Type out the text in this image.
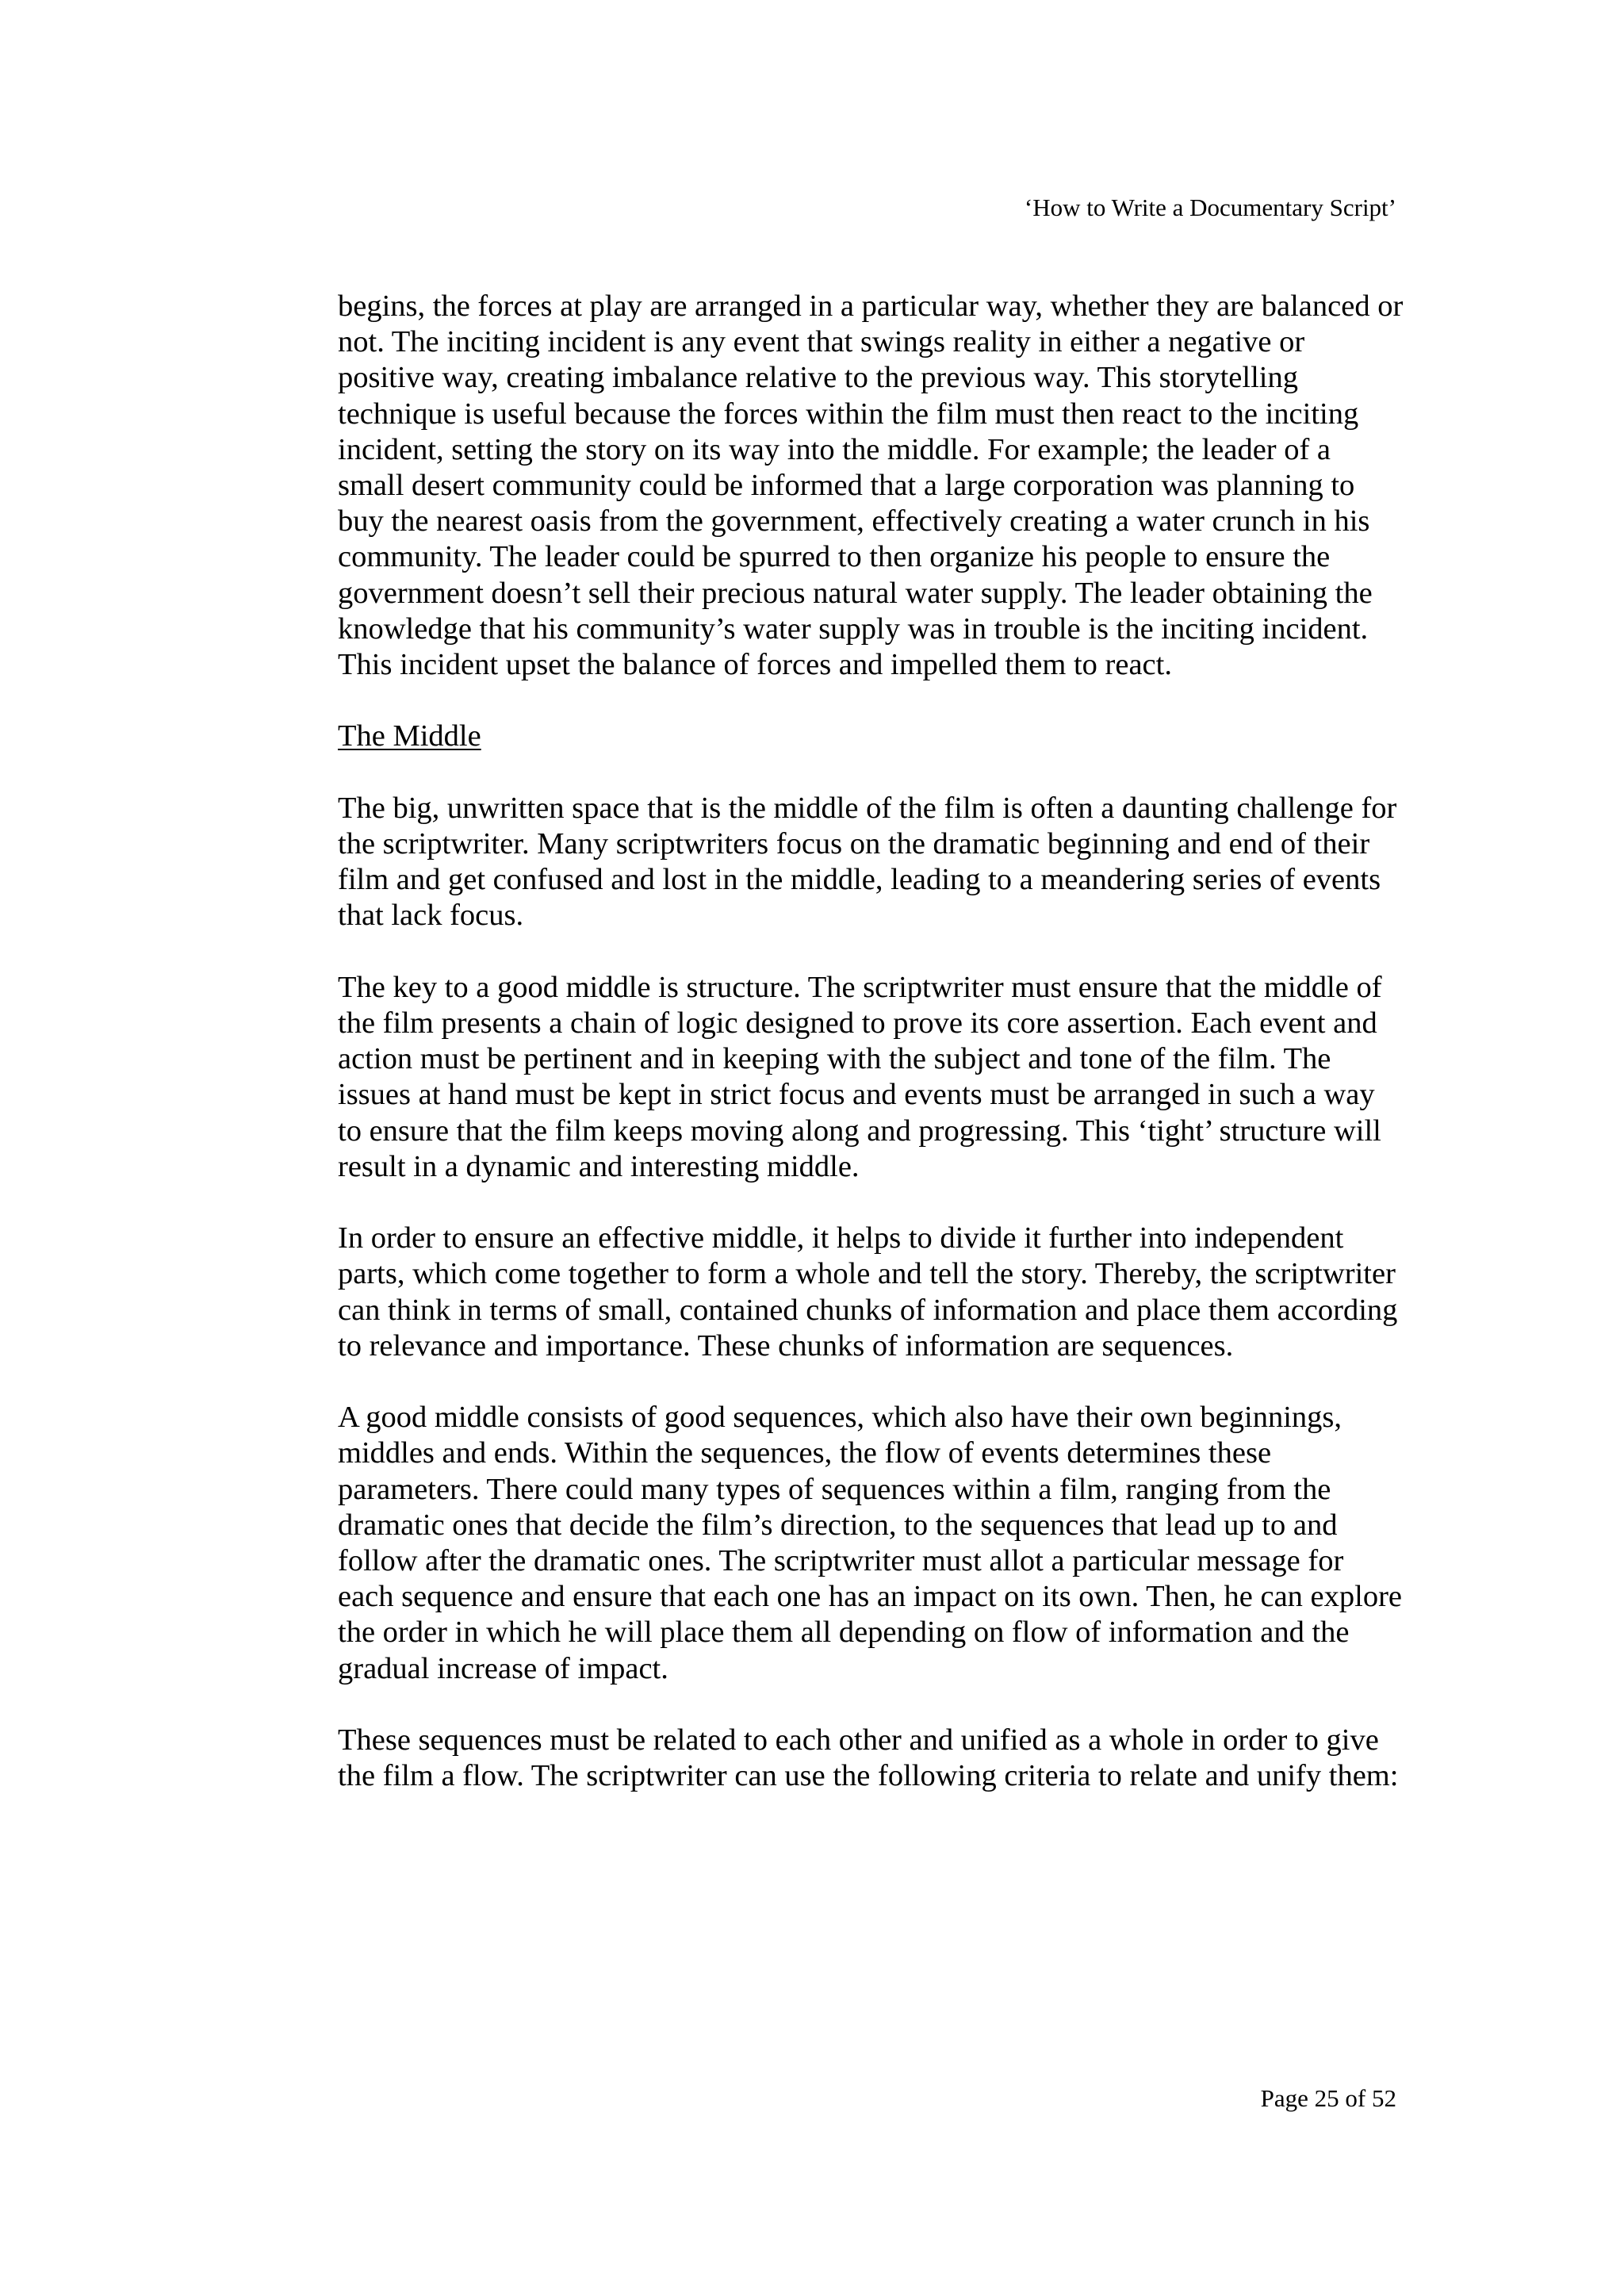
‘How to Write a Documentary Script’

begins, the forces at play are arranged in a particular way, whether they are balanced or not. The inciting incident is any event that swings reality in either a negative or positive way, creating imbalance relative to the previous way. This storytelling technique is useful because the forces within the film must then react to the inciting incident, setting the story on its way into the middle. For example; the leader of a small desert community could be informed that a large corporation was planning to buy the nearest oasis from the government, effectively creating a water crunch in his community. The leader could be spurred to then organize his people to ensure the government doesn’t sell their precious natural water supply. The leader obtaining the knowledge that his community’s water supply was in trouble is the inciting incident. This incident upset the balance of forces and impelled them to react.

The Middle

The big, unwritten space that is the middle of the film is often a daunting challenge for the scriptwriter. Many scriptwriters focus on the dramatic beginning and end of their film and get confused and lost in the middle, leading to a meandering series of events that lack focus.

The key to a good middle is structure. The scriptwriter must ensure that the middle of the film presents a chain of logic designed to prove its core assertion. Each event and action must be pertinent and in keeping with the subject and tone of the film. The issues at hand must be kept in strict focus and events must be arranged in such a way to ensure that the film keeps moving along and progressing. This ‘tight’ structure will result in a dynamic and interesting middle.

In order to ensure an effective middle, it helps to divide it further into independent parts, which come together to form a whole and tell the story. Thereby, the scriptwriter can think in terms of small, contained chunks of information and place them according to relevance and importance. These chunks of information are sequences.

A good middle consists of good sequences, which also have their own beginnings, middles and ends. Within the sequences, the flow of events determines these parameters. There could many types of sequences within a film, ranging from the dramatic ones that decide the film’s direction, to the sequences that lead up to and follow after the dramatic ones. The scriptwriter must allot a particular message for each sequence and ensure that each one has an impact on its own. Then, he can explore the order in which he will place them all depending on flow of information and the gradual increase of impact.

These sequences must be related to each other and unified as a whole in order to give the film a flow. The scriptwriter can use the following criteria to relate and unify them:

Page 25 of 52
